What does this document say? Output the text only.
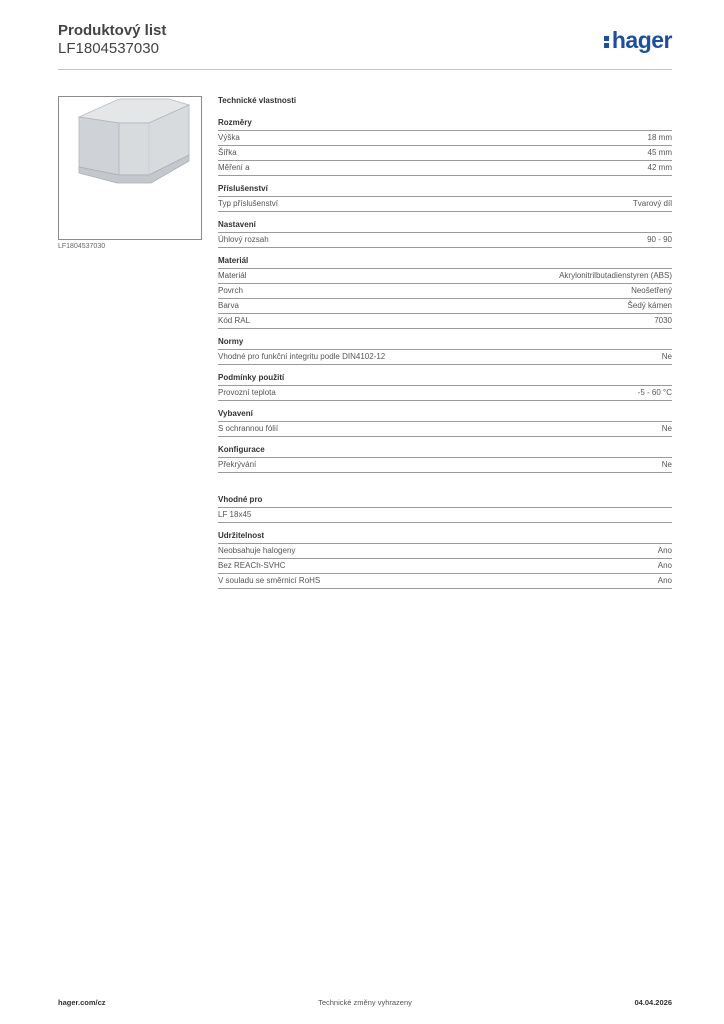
Produktový list
LF1804537030	hager
LF1804537030
Technické vlastnosti
Rozměry
Výška	18 mm
Šířka	45 mm
Měření a	42 mm
Příslušenství
Typ příslušenství	Tvarový díl
Nastavení
Úhlový rozsah	90 - 90
Materiál
Materiál	Akrylonitrilbutadienstyren (ABS)
Povrch	Neošetřený
Barva	Šedý kámen
Kód RAL	7030
Normy
Vhodné pro funkční integritu podle DIN4102-12	Ne
Podmínky použití
Provozní teplota	-5 - 60 °C
Vybavení
S ochrannou fólií	Ne
Konfigurace
Překrývání	Ne
Vhodné pro
LF 18x45
Udržitelnost
Neobsahuje halogeny	Ano
Bez REACh-SVHC	Ano
V souladu se směrnicí RoHS	Ano
Technické změny vyhrazeny
hager.com/cz	04.04.2026
